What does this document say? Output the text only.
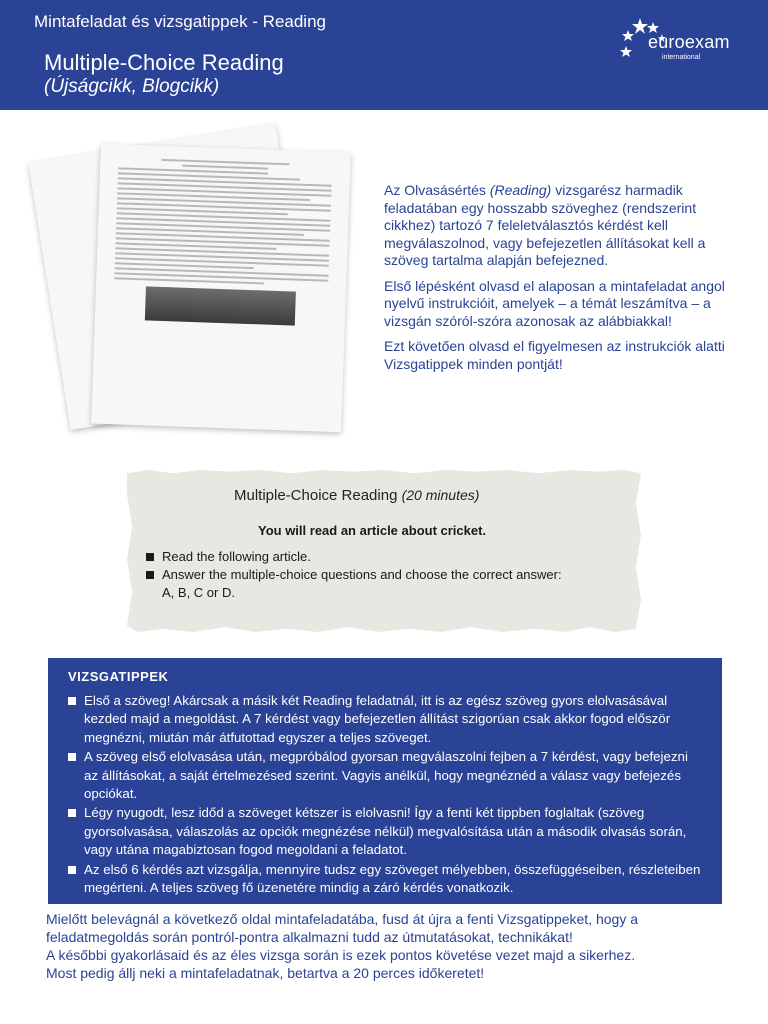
Mintafeladat és vizsgatippek - Reading
Multiple-Choice Reading
(Újságcikk, Blogcikk)
euroexam
international

Az Olvasásértés (Reading) vizsgarész harmadik feladatában egy hosszabb szöveghez (rendszerint cikkhez) tartozó 7 feleletválasztós kérdést kell megválaszolnod, vagy befejezetlen állításokat kell a szöveg tartalma alapján befejezned.

Első lépésként olvasd el alaposan a mintafeladat angol nyelvű instrukcióit, amelyek – a témát leszámítva – a vizsgán szóról-szóra azonosak az alábbiakkal!

Ezt követően olvasd el figyelmesen az instrukciók alatti Vizsgatippek minden pontját!

Multiple-Choice Reading (20 minutes)
You will read an article about cricket.
Read the following article.
Answer the multiple-choice questions and choose the correct answer: A, B, C or D.
VIZSGATIPPEK
Első a szöveg! Akárcsak a másik két Reading feladatnál, itt is az egész szöveg gyors elolvasásával kezded majd a megoldást. A 7 kérdést vagy befejezetlen állítást szigorúan csak akkor fogod először megnézni, miután már átfutottad egyszer a teljes szöveget.
A szöveg első elolvasása után, megpróbálod gyorsan megválaszolni fejben a 7 kérdést, vagy befejezni az állításokat, a saját értelmezésed szerint. Vagyis anélkül, hogy megnéznéd a válasz vagy befejezés opciókat.
Légy nyugodt, lesz időd a szöveget kétszer is elolvasni! Így a fenti két tippben foglaltak (szöveg gyorsolvasása, válaszolás az opciók megnézése nélkül) megvalósítása után a második olvasás során, vagy utána magabiztosan fogod megoldani a feladatot.
Az első 6 kérdés azt vizsgálja, mennyire tudsz egy szöveget mélyebben, összefüggéseiben, részleteiben megérteni. A teljes szöveg fő üzenetére mindig a záró kérdés vonatkozik.

Mielőtt belevágnál a következő oldal mintafeladatába, fusd át újra a fenti Vizsgatippeket, hogy a feladatmegoldás során pontról-pontra alkalmazni tudd az útmutatásokat, technikákat!

A későbbi gyakorlásaid és az éles vizsga során is ezek pontos követése vezet majd a sikerhez.

Most pedig állj neki a mintafeladatnak, betartva a 20 perces időkeretet!
